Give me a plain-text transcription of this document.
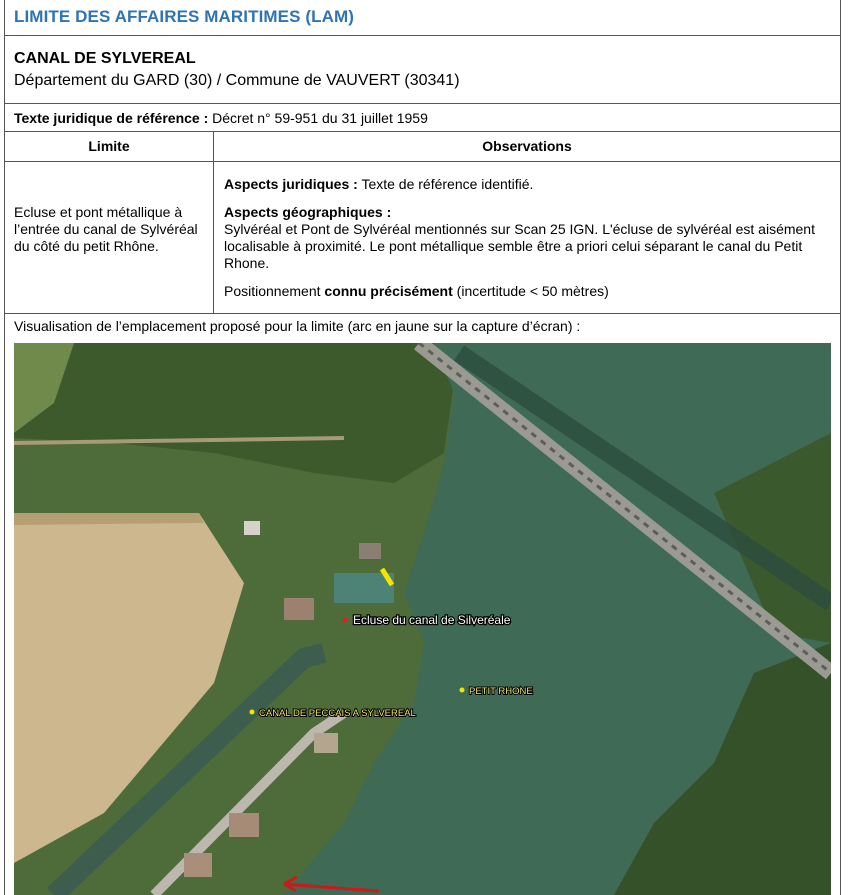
LIMITE DES AFFAIRES MARITIMES (LAM)
CANAL DE SYLVEREAL
Département du GARD (30) / Commune de VAUVERT (30341)
Texte juridique de référence : Décret n° 59-951 du 31 juillet 1959
Limite	Observations
Ecluse et pont métallique à l’entrée du canal de Sylvéréal du côté du petit Rhône.
Aspects juridiques : Texte de référence identifié.
Aspects géographiques :
Sylvéréal et Pont de Sylvéréal mentionnés sur Scan 25 IGN. L'écluse de sylvéréal est aisément localisable à proximité. Le pont métallique semble être a priori celui séparant le canal du Petit Rhone.
Positionnement connu précisément (incertitude < 50 mètres)
Visualisation de l’emplacement proposé pour la limite (arc en jaune sur la capture d’écran) :
Ecluse du canal de Silveréale
PETIT RHONE
CANAL DE PECCAIS A SYLVEREAL
